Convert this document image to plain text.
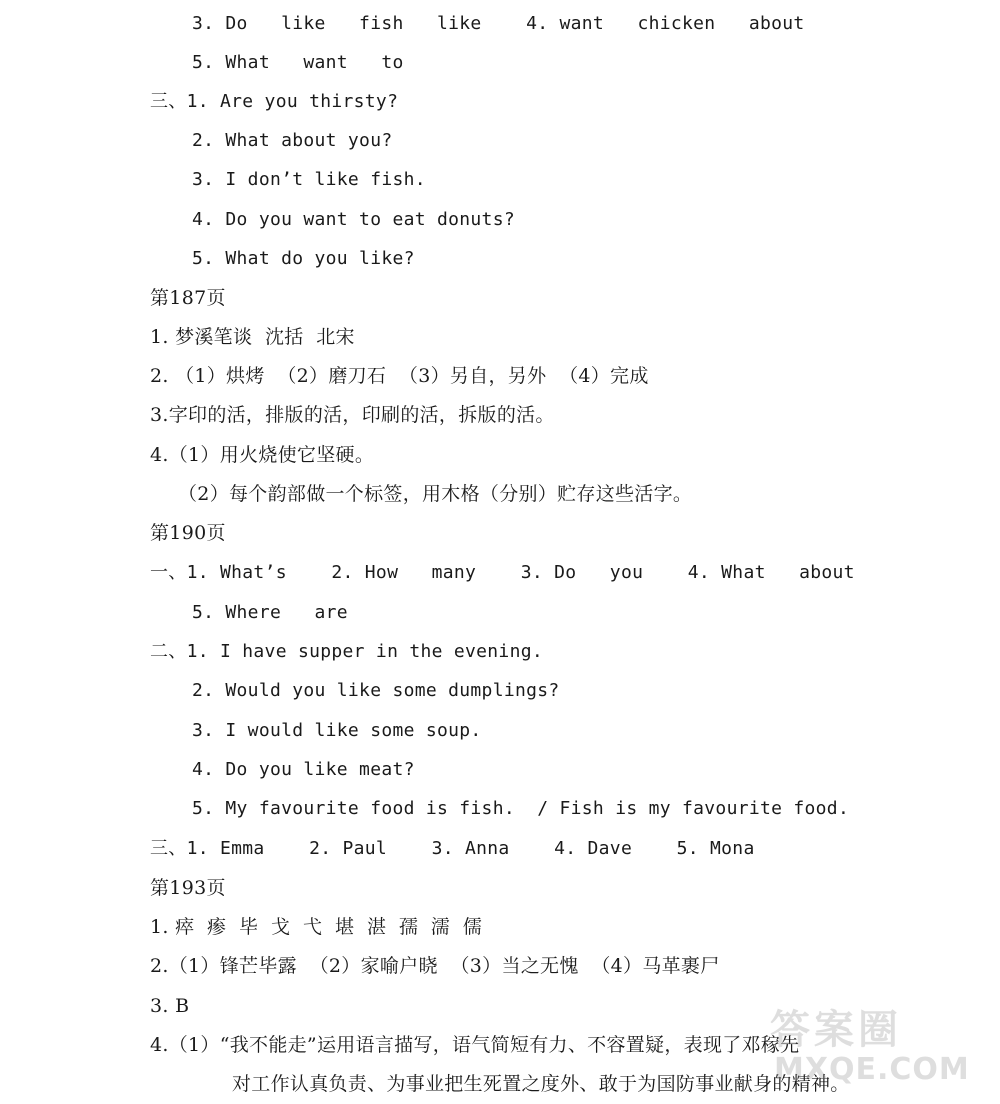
3. Do   like   fish   like    4. want   chicken   about
5. What   want   to
三、1. Are you thirsty?
2. What about you?
3. I don’t like fish.
4. Do you want to eat donuts?
5. What do you like?
第187页
1. 梦溪笔谈  沈括  北宋
2. （1）烘烤  （2）磨刀石  （3）另自，另外  （4）完成
3.字印的活，排版的活，印刷的活，拆版的活。
4.（1）用火烧使它坚硬。
（2）每个韵部做一个标签，用木格（分别）贮存这些活字。
第190页
一、1. What’s    2. How   many    3. Do   you    4. What   about
5. Where   are
二、1. I have supper in the evening.
2. Would you like some dumplings?
3. I would like some soup.
4. Do you like meat?
5. My favourite food is fish.  / Fish is my favourite food.
三、1. Emma    2. Paul    3. Anna    4. Dave    5. Mona
第193页
1. 瘁  瘆  毕  戈  弋  堪  湛  孺  濡  儒
2.（1）锋芒毕露  （2）家喻户晓  （3）当之无愧  （4）马革裹尸
3. B
4.（1）“我不能走”运用语言描写，语气简短有力、不容置疑，表现了邓稼先
对工作认真负责、为事业把生死置之度外、敢于为国防事业献身的精神。
答案圈
MXQE.COM
